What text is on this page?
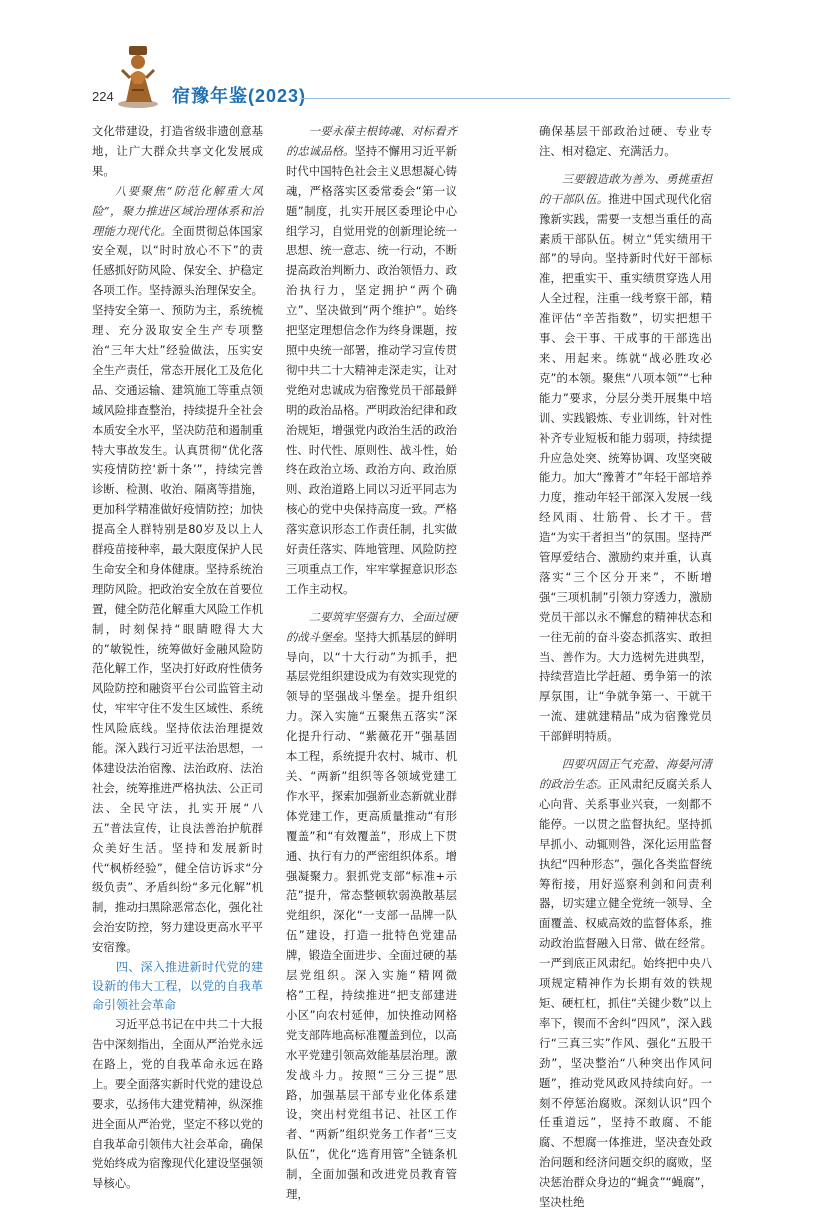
224	宿豫年鉴(2023)

文化带建设，打造省级非遗创意基地，让广大群众共享文化发展成果。

八要聚焦“防范化解重大风险”，聚力推进区域治理体系和治理能力现代化。全面贯彻总体国家安全观，以“时时放心不下”的责任感抓好防风险、保安全、护稳定各项工作。坚持源头治理保安全。坚持安全第一、预防为主，系统梳理、充分汲取安全生产专项整治“三年大灶”经验做法，压实安全生产责任，常态开展化工及危化品、交通运输、建筑施工等重点领域风险排查整治，持续提升全社会本质安全水平，坚决防范和遏制重特大事故发生。认真贯彻“优化落实疫情防控‘新十条’”，持续完善诊断、检测、收治、隔离等措施，更加科学精准做好疫情防控；加快提高全人群特别是80岁及以上人群疫苗接种率，最大限度保护人民生命安全和身体健康。坚持系统治理防风险。把政治安全放在首要位置，健全防范化解重大风险工作机制，时刻保持“眼睛瞪得大大的”敏锐性，统筹做好金融风险防范化解工作，坚决打好政府性债务风险防控和融资平台公司监管主动仗，牢牢守住不发生区域性、系统性风险底线。坚持依法治理提效能。深入践行习近平法治思想，一体建设法治宿豫、法治政府、法治社会，统筹推进严格执法、公正司法、全民守法，扎实开展“八五”普法宣传，让良法善治护航群众美好生活。坚持和发展新时代“枫桥经验”，健全信访诉求“分级负责”、矛盾纠纷“多元化解”机制，推动扫黑除恶常态化，强化社会治安防控，努力建设更高水平平安宿豫。

四、深入推进新时代党的建设新的伟大工程，以党的自我革命引领社会革命

习近平总书记在中共二十大报告中深刻指出，全面从严治党永远在路上，党的自我革命永远在路上。要全面落实新时代党的建设总要求，弘扬伟大建党精神，纵深推进全面从严治党，坚定不移以党的自我革命引领伟大社会革命，确保党始终成为宿豫现代化建设坚强领导核心。

一要永葆主根铸魂、对标看齐的忠诚品格。坚持不懈用习近平新时代中国特色社会主义思想凝心铸魂，严格落实区委常委会“第一议题”制度，扎实开展区委理论中心组学习，自觉用党的创新理论统一思想、统一意志、统一行动，不断提高政治判断力、政治领悟力、政治执行力，坚定拥护“两个确立”、坚决做到“两个维护”。始终把坚定理想信念作为终身课题，按照中央统一部署，推动学习宣传贯彻中共二十大精神走深走实，让对党绝对忠诚成为宿豫党员干部最鲜明的政治品格。严明政治纪律和政治规矩，增强党内政治生活的政治性、时代性、原则性、战斗性，始终在政治立场、政治方向、政治原则、政治道路上同以习近平同志为核心的党中央保持高度一致。严格落实意识形态工作责任制，扎实做好责任落实、阵地管理、风险防控三项重点工作，牢牢掌握意识形态工作主动权。

二要筑牢坚强有力、全面过硬的战斗堡垒。坚持大抓基层的鲜明导向，以“十大行动”为抓手，把基层党组织建设成为有效实现党的领导的坚强战斗堡垒。提升组织力。深入实施“五聚焦五落实”深化提升行动、“紫薇花开”强基固本工程，系统提升农村、城市、机关、“两新”组织等各领域党建工作水平，探索加强新业态新就业群体党建工作，更高质量推动“有形覆盖”和“有效覆盖”，形成上下贯通、执行有力的严密组织体系。增强凝聚力。狠抓党支部“标准+示范”提升，常态整顿软弱涣散基层党组织，深化“一支部一品牌一队伍”建设，打造一批特色党建品牌，锻造全面进步、全面过硬的基层党组织。深入实施“精网微格”工程，持续推进“把支部建进小区”向农村延伸，加快推动网格党支部阵地高标准覆盖到位，以高水平党建引领高效能基层治理。激发战斗力。按照“三分三提”思路，加强基层干部专业化体系建设，突出村党组书记、社区工作者、“两新”组织党务工作者“三支队伍”，优化“选育用管”全链条机制，全面加强和改进党员教育管理，

确保基层干部政治过硬、专业专注、相对稳定、充满活力。

三要锻造敢为善为、勇挑重担的干部队伍。推进中国式现代化宿豫新实践，需要一支想当重任的高素质干部队伍。树立“凭实绩用干部”的导向。坚持新时代好干部标准，把重实干、重实绩贯穿选人用人全过程，注重一线考察干部，精准评估“辛苦指数”，切实把想干事、会干事、干成事的干部选出来、用起来。练就“战必胜攻必克”的本领。聚焦“八项本领”“七种能力”要求，分层分类开展集中培训、实践锻炼、专业训练，针对性补齐专业短板和能力弱项，持续提升应急处突、统筹协调、攻坚突破能力。加大“豫菁才”年轻干部培养力度，推动年轻干部深入发展一线经风雨、壮筋骨、长才干。营造“为实干者担当”的氛围。坚持严管厚爱结合、激励约束并重，认真落实“三个区分开来”，不断增强“三项机制”引领力穿透力，激励党员干部以永不懈怠的精神状态和一往无前的奋斗姿态抓落实、敢担当、善作为。大力选树先进典型，持续营造比学赶超、勇争第一的浓厚氛围，让“争就争第一、干就干一流、建就建精品”成为宿豫党员干部鲜明特质。

四要巩固正气充盈、海晏河清的政治生态。正风肃纪反腐关系人心向背、关系事业兴衰，一刻都不能停。一以贯之监督执纪。坚持抓早抓小、动辄则咎，深化运用监督执纪“四种形态”，强化各类监督统筹衔接，用好巡察利剑和问责利器，切实建立健全党统一领导、全面覆盖、权威高效的监督体系，推动政治监督融入日常、做在经常。一严到底正风肃纪。始终把中央八项规定精神作为长期有效的铁规矩、硬杠杠，抓住“关键少数”以上率下，锲而不舍纠“四风”，深入践行“三真三实”作风、强化“五股干劲”，坚决整治“八种突出作风问题”，推动党风政风持续向好。一刻不停惩治腐败。深刻认识“四个任重道远”，坚持不敢腐、不能腐、不想腐一体推进，坚决查处政治问题和经济问题交织的腐败，坚决惩治群众身边的“蝇贪”“蝇腐”，坚决杜绝
